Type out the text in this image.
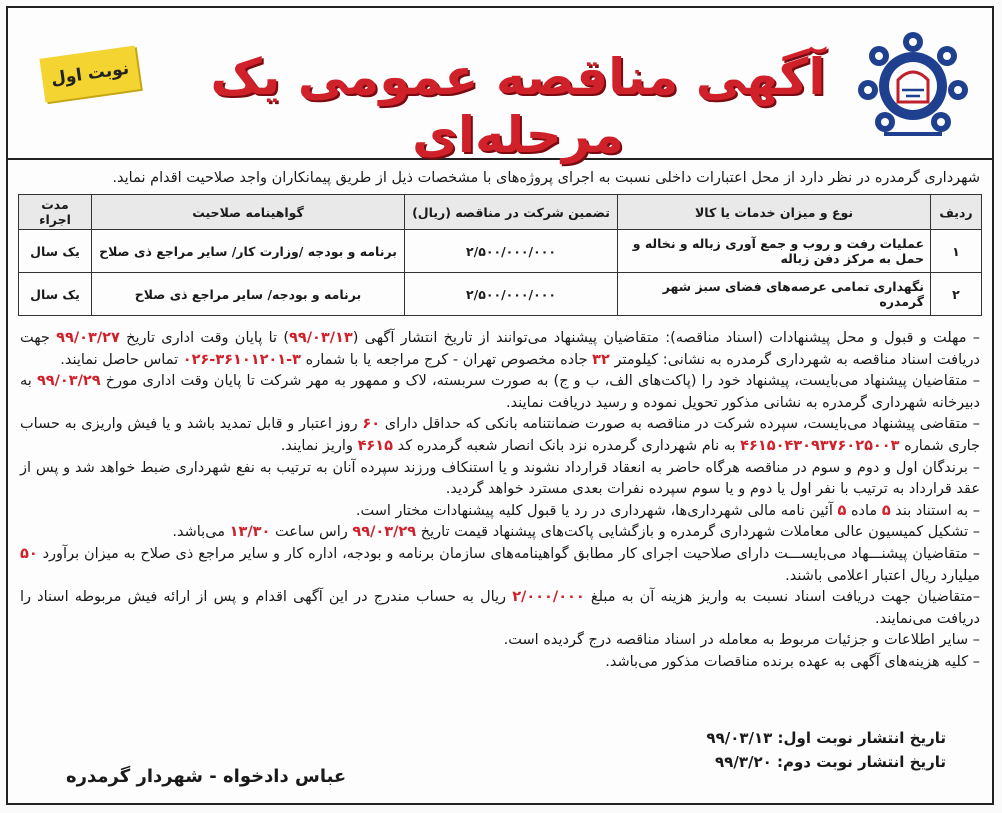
نوبت اول آگهی مناقصه عمومی یک مرحله‌ای
شهرداری گرمدره در نظر دارد از محل اعتبارات داخلی نسبت به اجرای پروژه‌های با مشخصات ذیل از طریق پیمانکاران واجد صلاحیت اقدام نماید.
ردیف	نوع و میزان خدمات یا کالا	تضمین شرکت در مناقصه (ریال)	گواهینامه صلاحیت	مدت اجراء
۱	عملیات رفت و روب و جمع آوری زباله و نخاله و حمل به مرکز دفن زباله	۲/۵۰۰/۰۰۰/۰۰۰	برنامه و بودجه /وزارت کار/ سایر مراجع ذی صلاح	یک سال
۲	نگهداری تمامی عرصه‌های فضای سبز شهر گرمدره	۲/۵۰۰/۰۰۰/۰۰۰	برنامه و بودجه/ سایر مراجع ذی صلاح	یک سال

– مهلت و قبول و محل پیشنهادات (اسناد مناقصه): متقاضیان پیشنهاد می‌توانند از تاریخ انتشار آگهی (۹۹/۰۳/۱۳) تا پایان وقت اداری تاریخ ۹۹/۰۳/۲۷ جهت دریافت اسناد مناقصه به شهرداری گرمدره به نشانی: کیلومتر ۳۲ جاده مخصوص تهران - کرج مراجعه یا با شماره ۳-۳۶۱۰۱۲۰۱-۰۲۶ تماس حاصل نمایند.

– متقاضیان پیشنهاد می‌بایست، پیشنهاد خود را (پاکت‌های الف، ب و ج) به صورت سربسته، لاک و ممهور به مهر شرکت تا پایان وقت اداری مورخ ۹۹/۰۳/۲۹ به دبیرخانه شهرداری گرمدره به نشانی مذکور تحویل نموده و رسید دریافت نمایند.

– متقاضی پیشنهاد می‌بایست، سپرده شرکت در مناقصه به صورت ضمانتنامه بانکی که حداقل دارای ۶۰ روز اعتبار و قابل تمدید باشد و یا فیش واریزی به حساب جاری شماره ۴۶۱۵۰۴۳۰۹۳۷۶۰۲۵۰۰۳ به نام شهرداری گرمدره نزد بانک انصار شعبه گرمدره کد ۴۶۱۵ واریز نمایند.

– برندگان اول و دوم و سوم در مناقصه هرگاه حاضر به انعقاد قرارداد نشوند و یا استنکاف ورزند سپرده آنان به ترتیب به نفع شهرداری ضبط خواهد شد و پس از عقد قرارداد به ترتیب با نفر اول یا دوم و یا سوم سپرده نفرات بعدی مسترد خواهد گردید.

– به استناد بند ۵ ماده ۵ آئین نامه مالی شهرداری‌ها، شهرداری در رد یا قبول کلیه پیشنهادات مختار است.

– تشکیل کمیسیون عالی معاملات شهرداری گرمدره و بازگشایی پاکت‌های پیشنهاد قیمت تاریخ ۹۹/۰۳/۲۹ راس ساعت ۱۳/۳۰ می‌باشد.

– متقاضیان پیشنـــهاد می‌بایســـت دارای صلاحیت اجرای کار مطابق گواهینامه‌های سازمان برنامه و بودجه، اداره کار و سایر مراجع ذی صلاح به میزان برآورد ۵۰ میلیارد ریال اعتبار اعلامی باشند.

–متقاضیان جهت دریافت اسناد نسبت به واریز هزینه آن به مبلغ ۲/۰۰۰/۰۰۰ ریال به حساب مندرج در این آگهی اقدام و پس از ارائه فیش مربوطه اسناد را دریافت می‌نمایند.

– سایر اطلاعات و جزئیات مربوط به معامله در اسناد مناقصه درج گردیده است.

– کلیه هزینه‌های آگهی به عهده برنده مناقصات مذکور می‌باشد.

تاریخ انتشار نوبت اول: ۹۹/۰۳/۱۳
تاریخ انتشار نوبت دوم: ۹۹/۳/۲۰
عباس دادخواه - شهردار گرمدره
